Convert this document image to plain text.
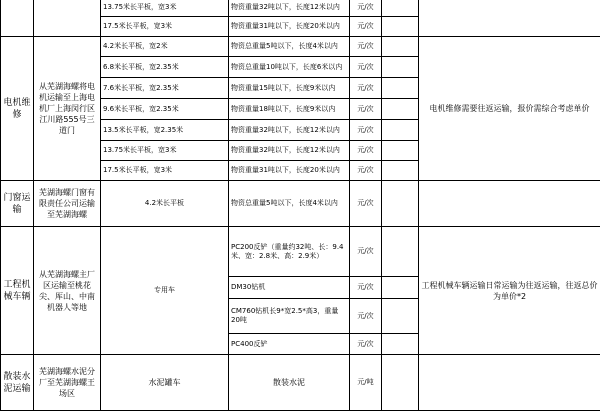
		13.75米长平板，宽3米	物资重量32吨以下，长度12米以内	元/次		
		17.5米长平板，宽3米	物资重量31吨以下，长度20米以内	元/次		
电机维修	从芜湖海螺将电机运输至上海电机厂上海闵行区江川路555号三道门	4.2米长平板，宽2米	物资总重量5吨以下，长度4米以内	元/次		电机维修需要往返运输，报价需综合考虑单价
		6.8米长平板，宽2.35米	物资总重量10吨以下，长度6米以内	元/次		
		7.6米长平板，宽2.35米	物资重量15吨以下，长度9米以内	元/次		
		9.6米长平板，宽2.35米	物资重量18吨以下，长度9米以内	元/次		
		13.5米长平板，宽2.35米	物资重量32吨以下，长度12米以内	元/次		
		13.75米长平板，宽3米	物资重量32吨以下，长度12米以内	元/次		
		17.5米长平板，宽3米	物资重量31吨以下，长度20米以内	元/次		
门窗运输	芜湖海螺门窗有限责任公司运输至芜湖海螺	4.2米长平板	物资总重量5吨以下，长度4米以内	元/次		
工程机械车辆	从芜湖海螺主厂区运输至桃花尖、厍山、中南机器人等地	专用车	PC200反铲（重量约32吨、长：9.4米、宽：2.8米、高：2.9米）	元/次		工程机械车辆运输日常运输为往返运输，往返总价为单价*2
			DM30钻机	元/次		
			CM760钻机长9*宽2.5*高3，重量20吨	元/次		
			PC400反铲	元/次		
散装水泥运输	芜湖海螺水泥分厂至芜湖海螺王场区	水泥罐车	散装水泥	元/吨		
